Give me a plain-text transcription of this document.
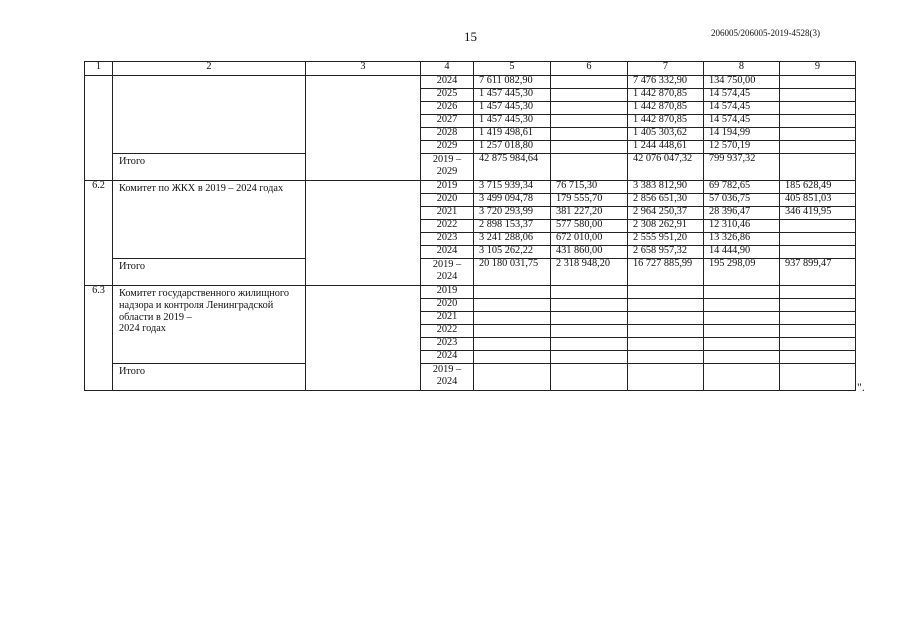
15	206005/206005-2019-4528(3)
1	2	3	4	5	6	7	8	9
			2024	7 611 082,90		7 476 332,90	134 750,00	
			2025	1 457 445,30		1 442 870,85	14 574,45	
			2026	1 457 445,30		1 442 870,85	14 574,45	
			2027	1 457 445,30		1 442 870,85	14 574,45	
			2028	1 419 498,61		1 405 303,62	14 194,99	
			2029	1 257 018,80		1 244 448,61	12 570,19	
	Итого		2019 –
2029	42 875 984,64		42 076 047,32	799 937,32	
6.2	Комитет по ЖКХ в 2019 – 2024 годах		2019	3 715 939,34	76 715,30	3 383 812,90	69 782,65	185 628,49
			2020	3 499 094,78	179 555,70	2 856 651,30	57 036,75	405 851,03
			2021	3 720 293,99	381 227,20	2 964 250,37	28 396,47	346 419,95
			2022	2 898 153,37	577 580,00	2 308 262,91	12 310,46	
			2023	3 241 288,06	672 010,00	2 555 951,20	13 326,86	
			2024	3 105 262,22	431 860,00	2 658 957,32	14 444,90	
	Итого		2019 –
2024	20 180 031,75	2 318 948,20	16 727 885,99	195 298,09	937 899,47
6.3	Комитет государственного жилищного надзора и контроля Ленинградской области в 2019 –
2024 годах		2019					
			2020					
			2021					
			2022					
			2023					
			2024					
	Итого		2019 –
2024						".
